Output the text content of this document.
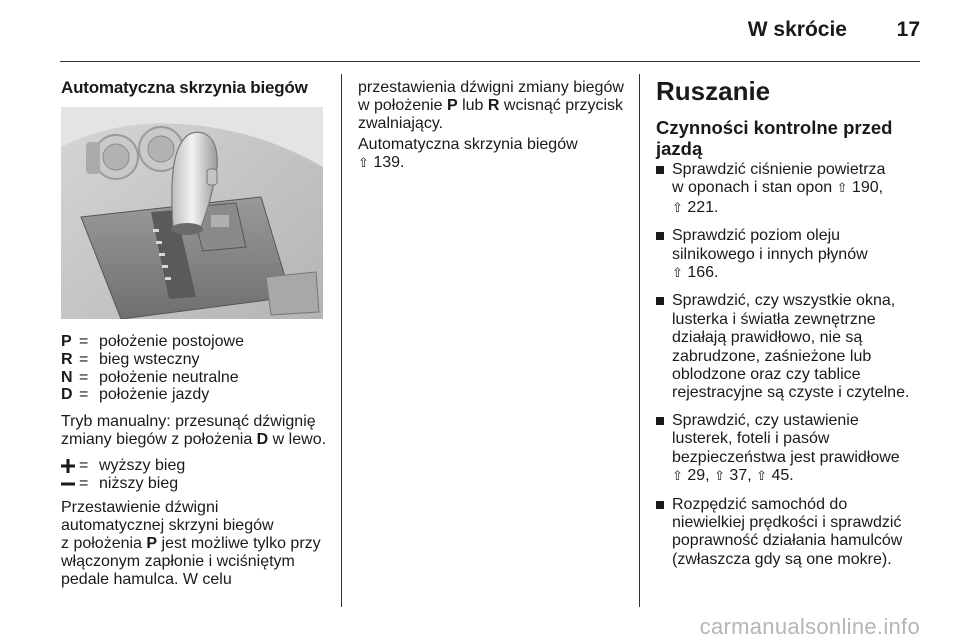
W skrócie 17
Automatyczna skrzynia biegów
P = położenie postojowe
R = bieg wsteczny
N = położenie neutralne
D = położenie jazdy

Tryb manualny: przesunąć dźwignię zmiany biegów z położenia D w lewo.

= wyższy bieg
= niższy bieg

Przestawienie dźwigni

automatycznej skrzyni biegów

z położenia P jest możliwe tylko przy

włączonym zapłonie i wciśniętym

pedale hamulca. W celu

przestawienia dźwigni zmiany biegów

w położenie P lub R wcisnąć przycisk

zwalniający.

Automatyczna skrzynia biegów

⇧ 139.

Ruszanie
Czynności kontrolne przed jazdą
Sprawdzić ciśnienie powietrza
w oponach i stan opon ⇧ 190,
⇧ 221.
Sprawdzić poziom oleju
silnikowego i innych płynów
⇧ 166.
Sprawdzić, czy wszystkie okna,
lusterka i światła zewnętrzne
działają prawidłowo, nie są
zabrudzone, zaśnieżone lub
oblodzone oraz czy tablice
rejestracyjne są czyste i czytelne.
Sprawdzić, czy ustawienie
lusterek, foteli i pasów
bezpieczeństwa jest prawidłowe
⇧ 29, ⇧ 37, ⇧ 45.
Rozpędzić samochód do
niewielkiej prędkości i sprawdzić
poprawność działania hamulców
(zwłaszcza gdy są one mokre).
carmanualsonline.info
